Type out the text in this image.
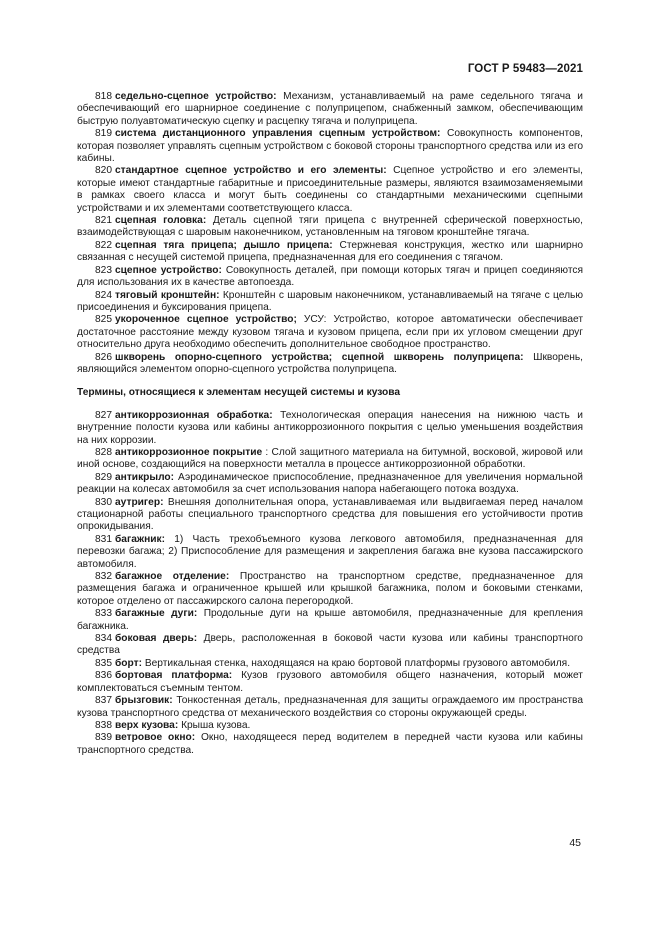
ГОСТ Р 59483—2021

818 седельно-сцепное устройство: Механизм, устанавливаемый на раме седельного тягача и обеспечивающий его шарнирное соединение с полуприцепом, снабженный замком, обеспечивающим быструю полуавтоматическую сцепку и расцепку тягача и полуприцепа.

819 система дистанционного управления сцепным устройством: Совокупность компонентов, которая позволяет управлять сцепным устройством с боковой стороны транспортного средства или из его кабины.

820 стандартное сцепное устройство и его элементы: Сцепное устройство и его элементы, которые имеют стандартные габаритные и присоединительные размеры, являются взаимозаменяемыми в рамках своего класса и могут быть соединены со стандартными механическими сцепными устройствами и их элементами соответствующего класса.

821 сцепная головка: Деталь сцепной тяги прицепа с внутренней сферической поверхностью, взаимодействующая с шаровым наконечником, установленным на тяговом кронштейне тягача.

822 сцепная тяга прицепа; дышло прицепа: Стержневая конструкция, жестко или шарнирно связанная с несущей системой прицепа, предназначенная для его соединения с тягачом.

823 сцепное устройство: Совокупность деталей, при помощи которых тягач и прицеп соединяются для использования их в качестве автопоезда.

824 тяговый кронштейн: Кронштейн с шаровым наконечником, устанавливаемый на тягаче с целью присоединения и буксирования прицепа.

825 укороченное сцепное устройство; УСУ: Устройство, которое автоматически обеспечивает достаточное расстояние между кузовом тягача и кузовом прицепа, если при их угловом смещении друг относительно друга необходимо обеспечить дополнительное свободное пространство.

826 шкворень опорно-сцепного устройства; сцепной шкворень полуприцепа: Шкворень, являющийся элементом опорно-сцепного устройства полуприцепа.

Термины, относящиеся к элементам несущей системы и кузова

827 антикоррозионная обработка: Технологическая операция нанесения на нижнюю часть и внутренние полости кузова или кабины антикоррозионного покрытия с целью уменьшения воздействия на них коррозии.

828 антикоррозионное покрытие : Слой защитного материала на битумной, восковой, жировой или иной основе, создающийся на поверхности металла в процессе антикоррозионной обработки.

829 антикрыло: Аэродинамическое приспособление, предназначенное для увеличения нормальной реакции на колесах автомобиля за счет использования напора набегающего потока воздуха.

830 аутригер: Внешняя дополнительная опора, устанавливаемая или выдвигаемая перед началом стационарной работы специального транспортного средства для повышения его устойчивости против опрокидывания.

831 багажник: 1) Часть трехобъемного кузова легкового автомобиля, предназначенная для перевозки багажа; 2) Приспособление для размещения и закрепления багажа вне кузова пассажирского автомобиля.

832 багажное отделение: Пространство на транспортном средстве, предназначенное для размещения багажа и ограниченное крышей или крышкой багажника, полом и боковыми стенками, которое отделено от пассажирского салона перегородкой.

833 багажные дуги: Продольные дуги на крыше автомобиля, предназначенные для крепления багажника.

834 боковая дверь: Дверь, расположенная в боковой части кузова или кабины транспортного средства

835 борт: Вертикальная стенка, находящаяся на краю бортовой платформы грузового автомобиля.

836 бортовая платформа: Кузов грузового автомобиля общего назначения, который может комплектоваться съемным тентом.

837 брызговик: Тонкостенная деталь, предназначенная для защиты ограждаемого им пространства кузова транспортного средства от механического воздействия со стороны окружающей среды.

838 верх кузова: Крыша кузова.

839 ветровое окно: Окно, находящееся перед водителем в передней части кузова или кабины транспортного средства.

45
